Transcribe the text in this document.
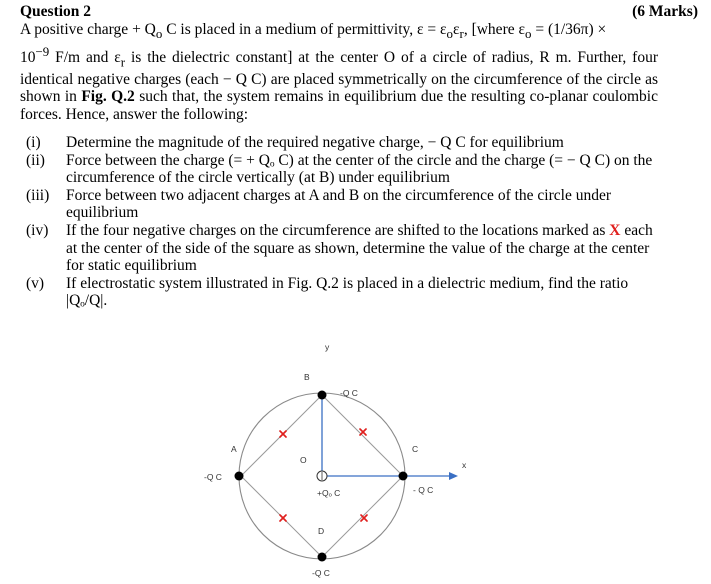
Question 2	(6 Marks)
A positive charge + $Q_o$ C is placed in a medium of permittivity, $\varepsilon = \varepsilon_o\varepsilon_r$, [where $\varepsilon_o = (1/36\pi)$ ×
$10^{-9}$ F/m and $\varepsilon_r$ is the dielectric constant] at the center O of a circle of radius, R m. Further, four identical negative charges (each − Q C) are placed symmetrically on the circumference of the circle as shown in Fig. Q.2 such that, the system remains in equilibrium due the resulting co-planar coulombic forces. Hence, answer the following:
(i)	Determine the magnitude of the required negative charge, − Q C for equilibrium
(ii)	Force between the charge (= + Qₒ C) at the center of the circle and the charge (= − Q C) on the circumference of the circle vertically (at B) under equilibrium
(iii)	Force between two adjacent charges at A and B on the circumference of the circle under equilibrium
(iv)	If the four negative charges on the circumference are shifted to the locations marked as X each at the center of the side of the square as shown, determine the value of the charge at the center for static equilibrium
(v)	If electrostatic system illustrated in Fig. Q.2 is placed in a dielectric medium, find the ratio |Qₒ/Q|.
y
x
B
-Q C
A
-Q C
C
- Q C
O
+Qₒ C
D
-Q C
